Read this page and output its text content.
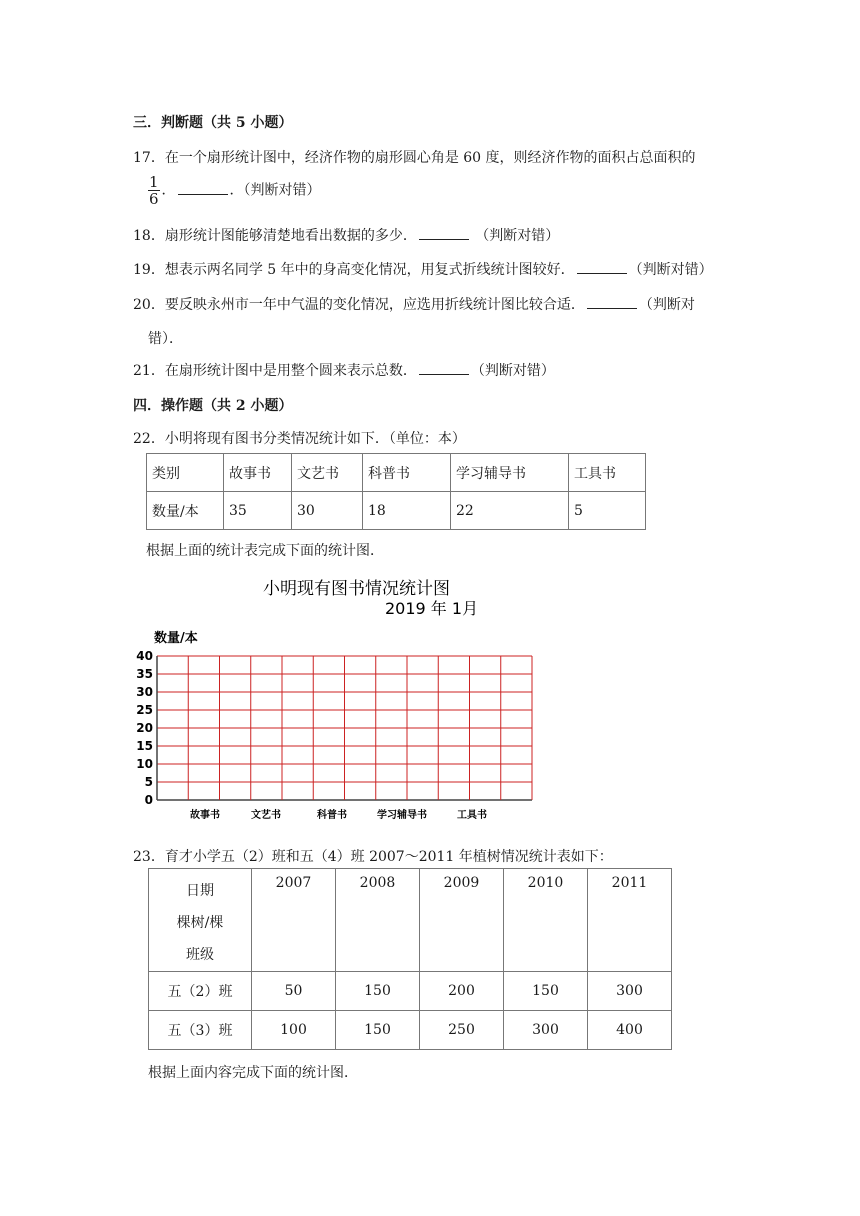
三．判断题（共 5 小题）
17．在一个扇形统计图中，经济作物的扇形圆心角是 60 度，则经济作物的面积占总面积的
$\frac{1}{6}$ ．	．（判断对错）
18．扇形统计图能够清楚地看出数据的多少．	（判断对错）
19．想表示两名同学 5 年中的身高变化情况，用复式折线统计图较好．	（判断对错）
20．要反映永州市一年中气温的变化情况，应选用折线统计图比较合适．	（判断对
错）．
21．在扇形统计图中是用整个圆来表示总数．	（判断对错）
四．操作题（共 2 小题）
22．小明将现有图书分类情况统计如下．（单位：本）
类别	故事书	文艺书	科普书	学习辅导书	工具书
数量/本	35	30	18	22	5
根据上面的统计表完成下面的统计图．
小明现有图书情况统计图
2019 年 1月
数量/本
0
5
10
15
20
25
30
35
40
故事书	文艺书	科普书	学习辅导书	工具书
23．育才小学五（2）班和五（4）班 2007～2011 年植树情况统计表如下：
日期
棵树/棵
班级	2007	2008	2009	2010	2011
五（2）班	50	150	200	150	300
五（3）班	100	150	250	300	400
根据上面内容完成下面的统计图．
